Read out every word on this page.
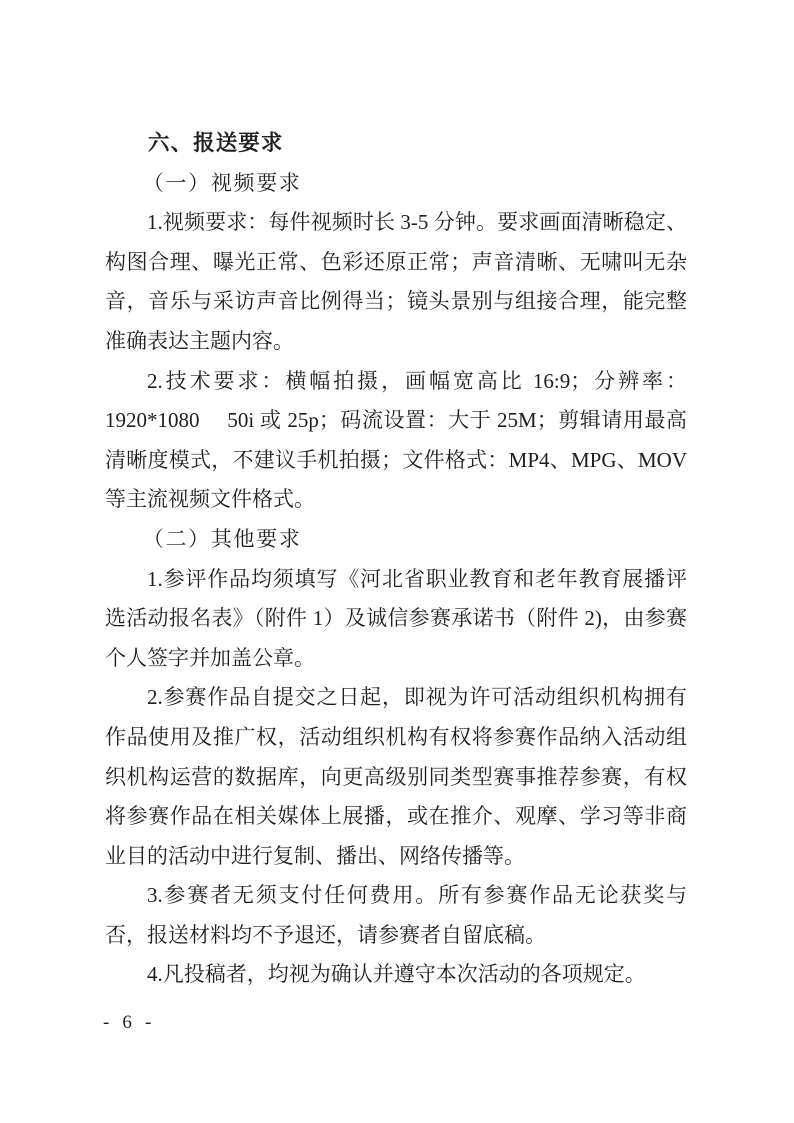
六、报送要求
（一）视频要求

1.视频要求：每件视频时长 3-5 分钟。要求画面清晰稳定、构图合理、曝光正常、色彩还原正常；声音清晰、无啸叫无杂音，音乐与采访声音比例得当；镜头景别与组接合理，能完整准确表达主题内容。

2.技术要求：横幅拍摄，画幅宽高比 16:9；分辨率：1920*1080　 50i 或 25p；码流设置：大于 25M；剪辑请用最高清晰度模式，不建议手机拍摄；文件格式：MP4、MPG、MOV 等主流视频文件格式。

（二）其他要求

1.参评作品均须填写《河北省职业教育和老年教育展播评选活动报名表》（附件 1）及诚信参赛承诺书（附件 2)，由参赛个人签字并加盖公章。

2.参赛作品自提交之日起，即视为许可活动组织机构拥有作品使用及推广权，活动组织机构有权将参赛作品纳入活动组织机构运营的数据库，向更高级别同类型赛事推荐参赛，有权将参赛作品在相关媒体上展播，或在推介、观摩、学习等非商业目的活动中进行复制、播出、网络传播等。

3.参赛者无须支付任何费用。所有参赛作品无论获奖与否，报送材料均不予退还，请参赛者自留底稿。

4.凡投稿者，均视为确认并遵守本次活动的各项规定。

- 6 -
